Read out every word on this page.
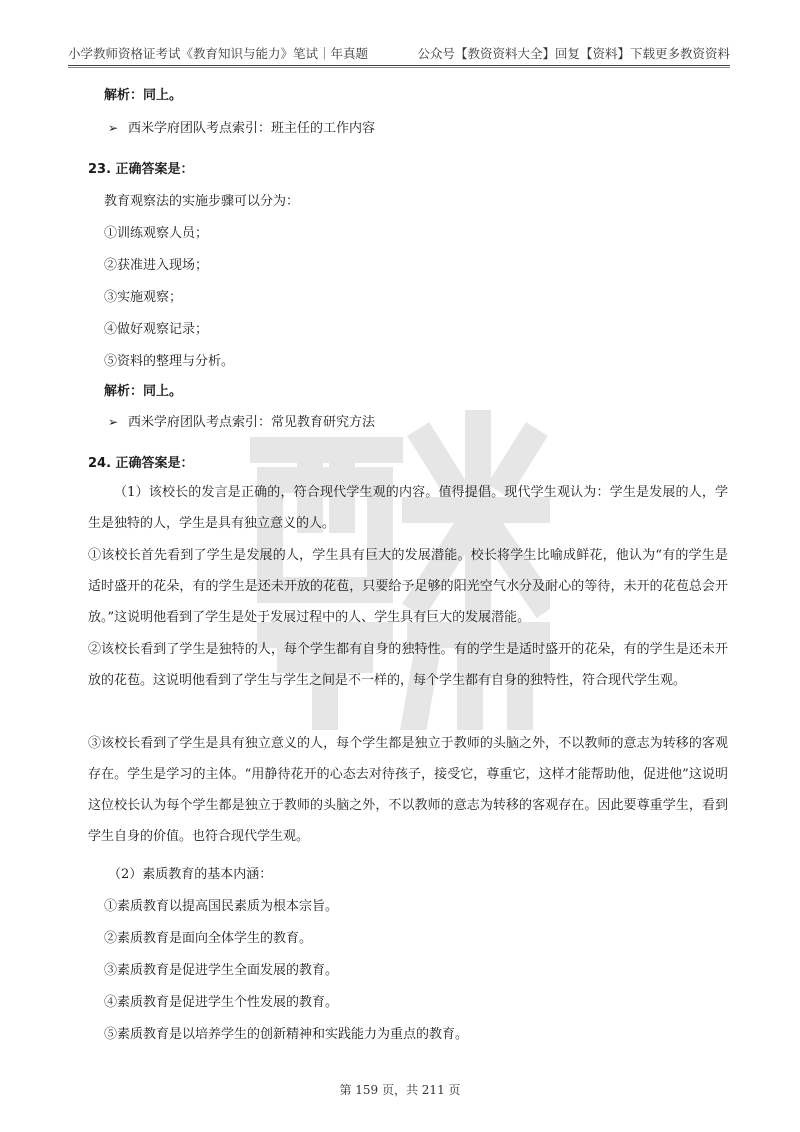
小学教师资格证考试《教育知识与能力》笔试｜年真题	公众号【教资资料大全】回复【资料】下载更多教资资料
解析：同上。
➢ 西米学府团队考点索引：班主任的工作内容
23. 正确答案是：
教育观察法的实施步骤可以分为：
①训练观察人员；
②获准进入现场；
③实施观察；
④做好观察记录；
⑤资料的整理与分析。
解析：同上。
➢ 西米学府团队考点索引：常见教育研究方法
24. 正确答案是：
（1）该校长的发言是正确的，符合现代学生观的内容。值得提倡。现代学生观认为：学生是发展的人，学生是独特的人，学生是具有独立意义的人。
①该校长首先看到了学生是发展的人，学生具有巨大的发展潜能。校长将学生比喻成鲜花，他认为“有的学生是适时盛开的花朵，有的学生是还未开放的花苞，只要给予足够的阳光空气水分及耐心的等待，未开的花苞总会开放。”这说明他看到了学生是处于发展过程中的人、学生具有巨大的发展潜能。
②该校长看到了学生是独特的人，每个学生都有自身的独特性。有的学生是适时盛开的花朵，有的学生是还未开放的花苞。这说明他看到了学生与学生之间是不一样的，每个学生都有自身的独特性，符合现代学生观。
③该校长看到了学生是具有独立意义的人，每个学生都是独立于教师的头脑之外，不以教师的意志为转移的客观存在。学生是学习的主体。“用静待花开的心态去对待孩子，接受它，尊重它，这样才能帮助他，促进他”这说明这位校长认为每个学生都是独立于教师的头脑之外，不以教师的意志为转移的客观存在。因此要尊重学生，看到学生自身的价值。也符合现代学生观。
（2）素质教育的基本内涵：
①素质教育以提高国民素质为根本宗旨。
②素质教育是面向全体学生的教育。
③素质教育是促进学生全面发展的教育。
④素质教育是促进学生个性发展的教育。
⑤素质教育是以培养学生的创新精神和实践能力为重点的教育。
第 159 页，共 211 页
